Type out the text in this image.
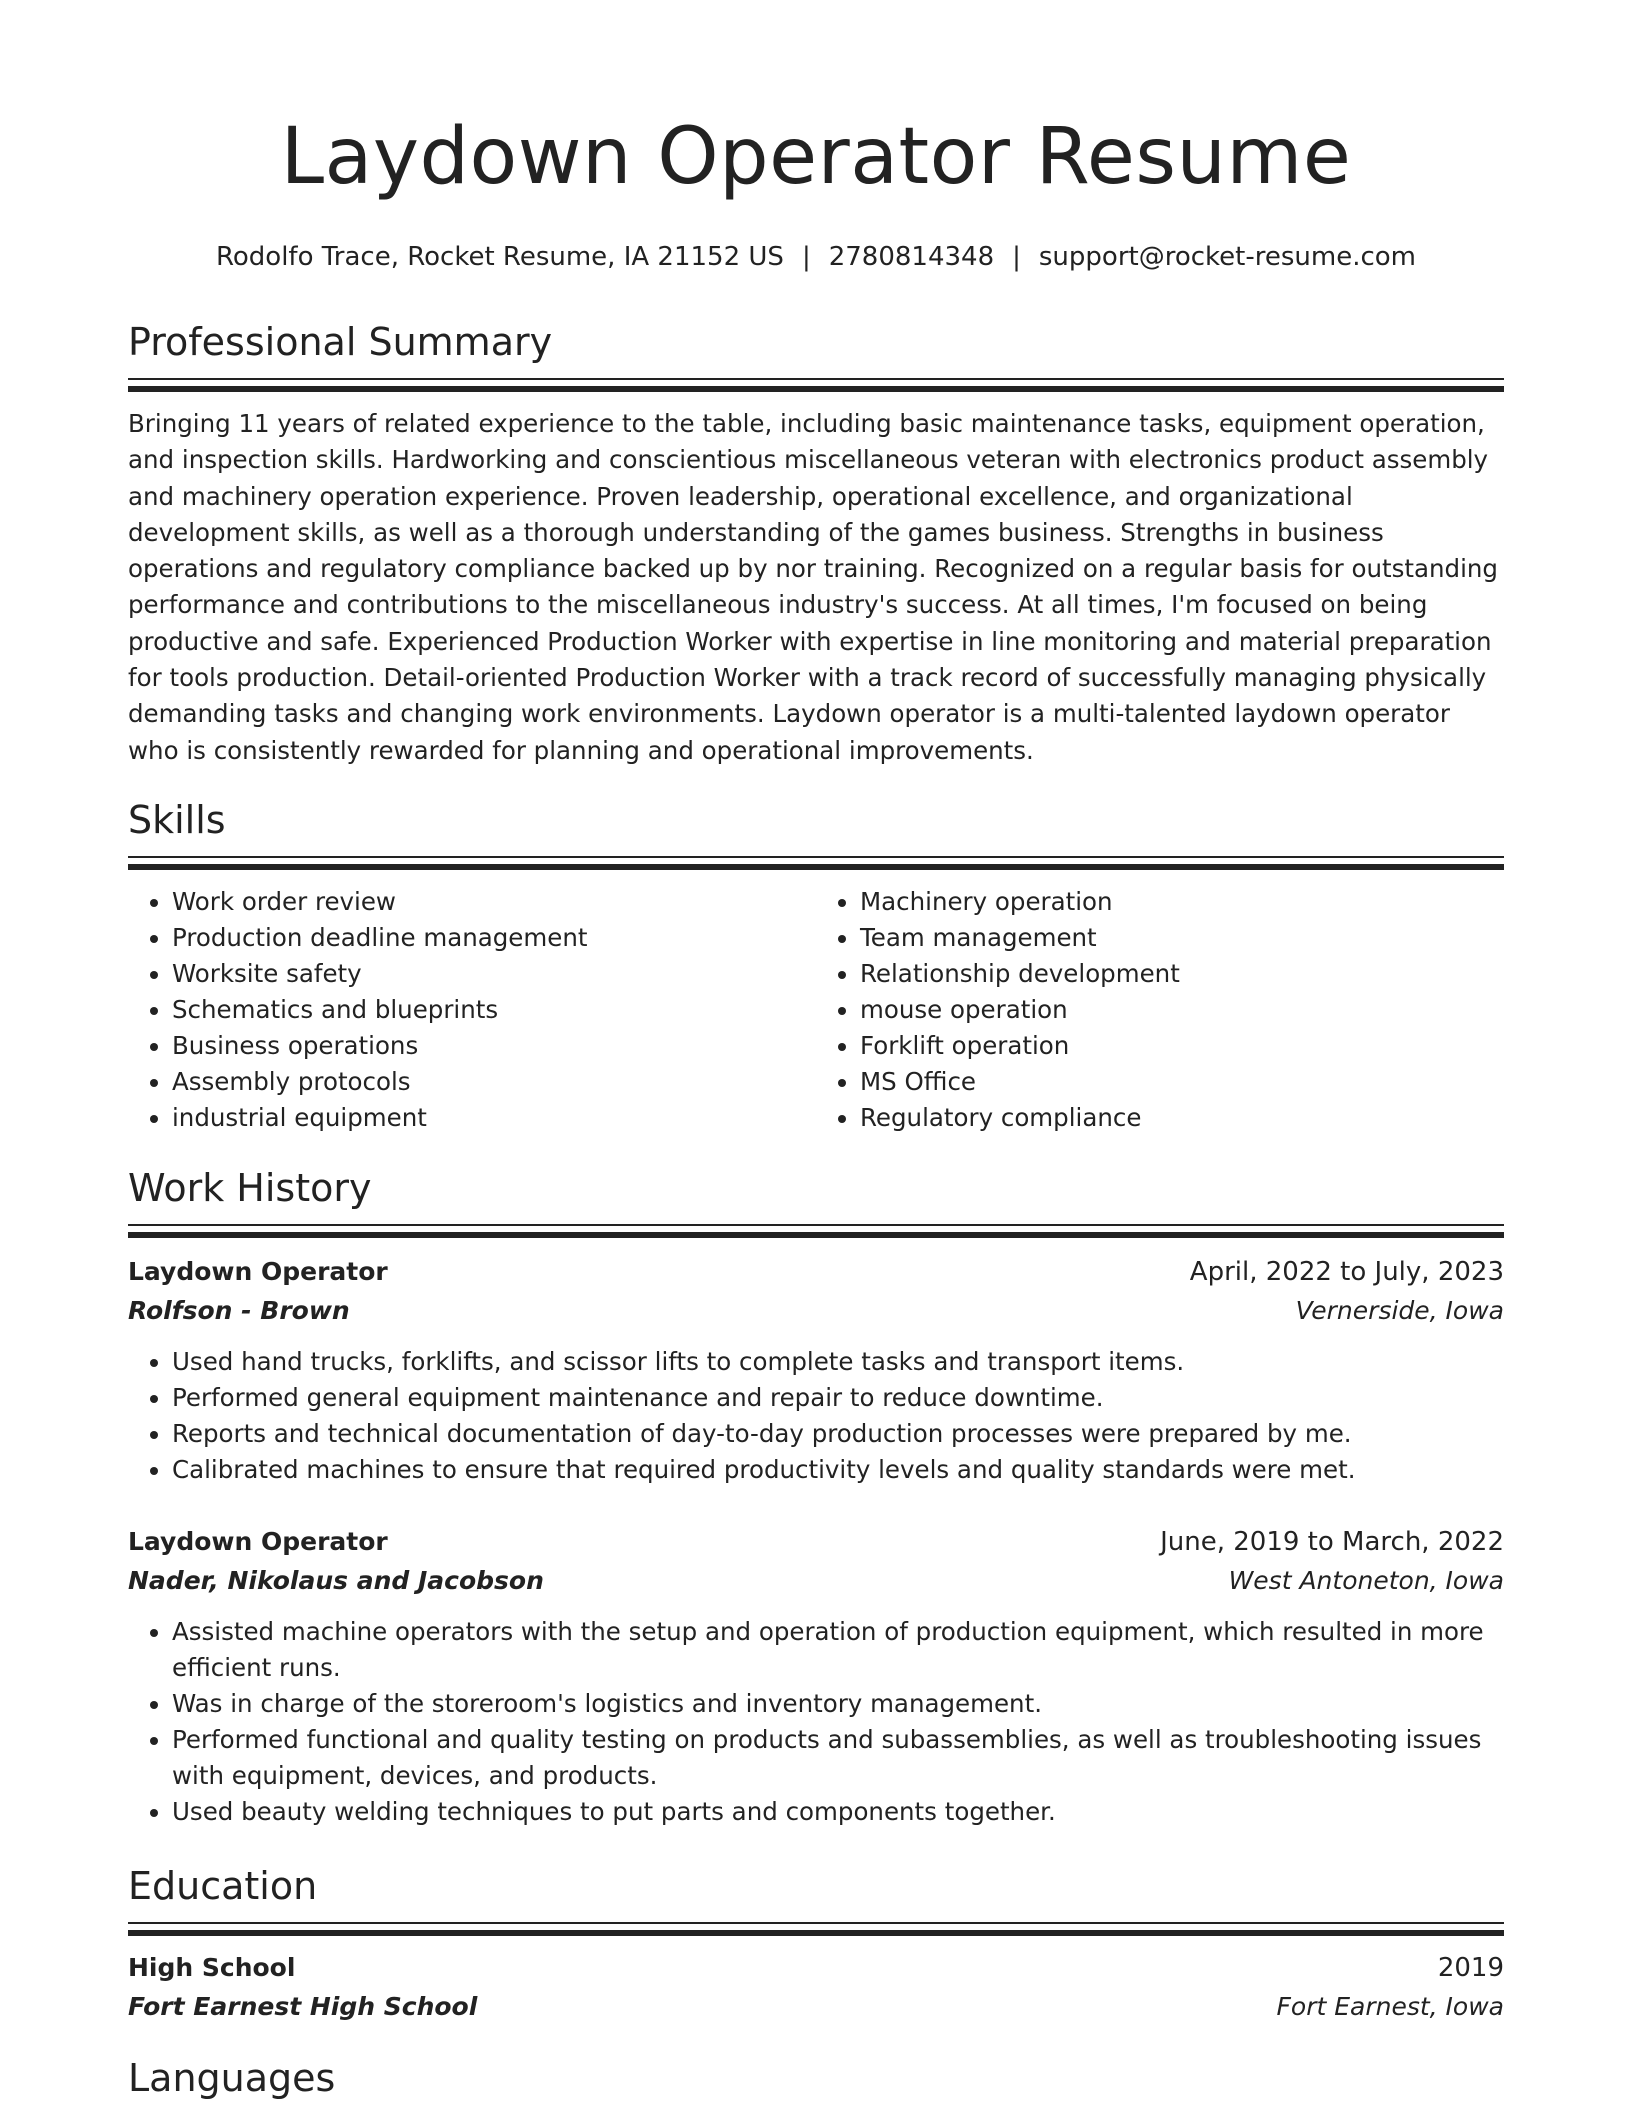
Laydown Operator Resume
Rodolfo Trace, Rocket Resume, IA 21152 US | 2780814348 | support@rocket-resume.com
Professional Summary

Bringing 11 years of related experience to the table, including basic maintenance tasks, equipment operation, and inspection skills. Hardworking and conscientious miscellaneous veteran with electronics product assembly and machinery operation experience. Proven leadership, operational excellence, and organizational development skills, as well as a thorough understanding of the games business. Strengths in business operations and regulatory compliance backed up by nor training. Recognized on a regular basis for outstanding performance and contributions to the miscellaneous industry's success. At all times, I'm focused on being productive and safe. Experienced Production Worker with expertise in line monitoring and material preparation for tools production. Detail-oriented Production Worker with a track record of successfully managing physically demanding tasks and changing work environments. Laydown operator is a multi-talented laydown operator who is consistently rewarded for planning and operational improvements.

Skills
• Work order review
• Production deadline management
• Worksite safety
• Schematics and blueprints
• Business operations
• Assembly protocols
• industrial equipment
• Machinery operation
• Team management
• Relationship development
• mouse operation
• Forklift operation
• MS Office
• Regulatory compliance
Work History
Laydown Operator	April, 2022 to July, 2023
Rolfson - Brown	Vernerside, Iowa
• Used hand trucks, forklifts, and scissor lifts to complete tasks and transport items.
• Performed general equipment maintenance and repair to reduce downtime.
• Reports and technical documentation of day-to-day production processes were prepared by me.
• Calibrated machines to ensure that required productivity levels and quality standards were met.
Laydown Operator	June, 2019 to March, 2022
Nader, Nikolaus and Jacobson	West Antoneton, Iowa
• Assisted machine operators with the setup and operation of production equipment, which resulted in more efficient runs.
• Was in charge of the storeroom's logistics and inventory management.
• Performed functional and quality testing on products and subassemblies, as well as troubleshooting issues with equipment, devices, and products.
• Used beauty welding techniques to put parts and components together.
Education
High School	2019
Fort Earnest High School	Fort Earnest, Iowa
Languages
